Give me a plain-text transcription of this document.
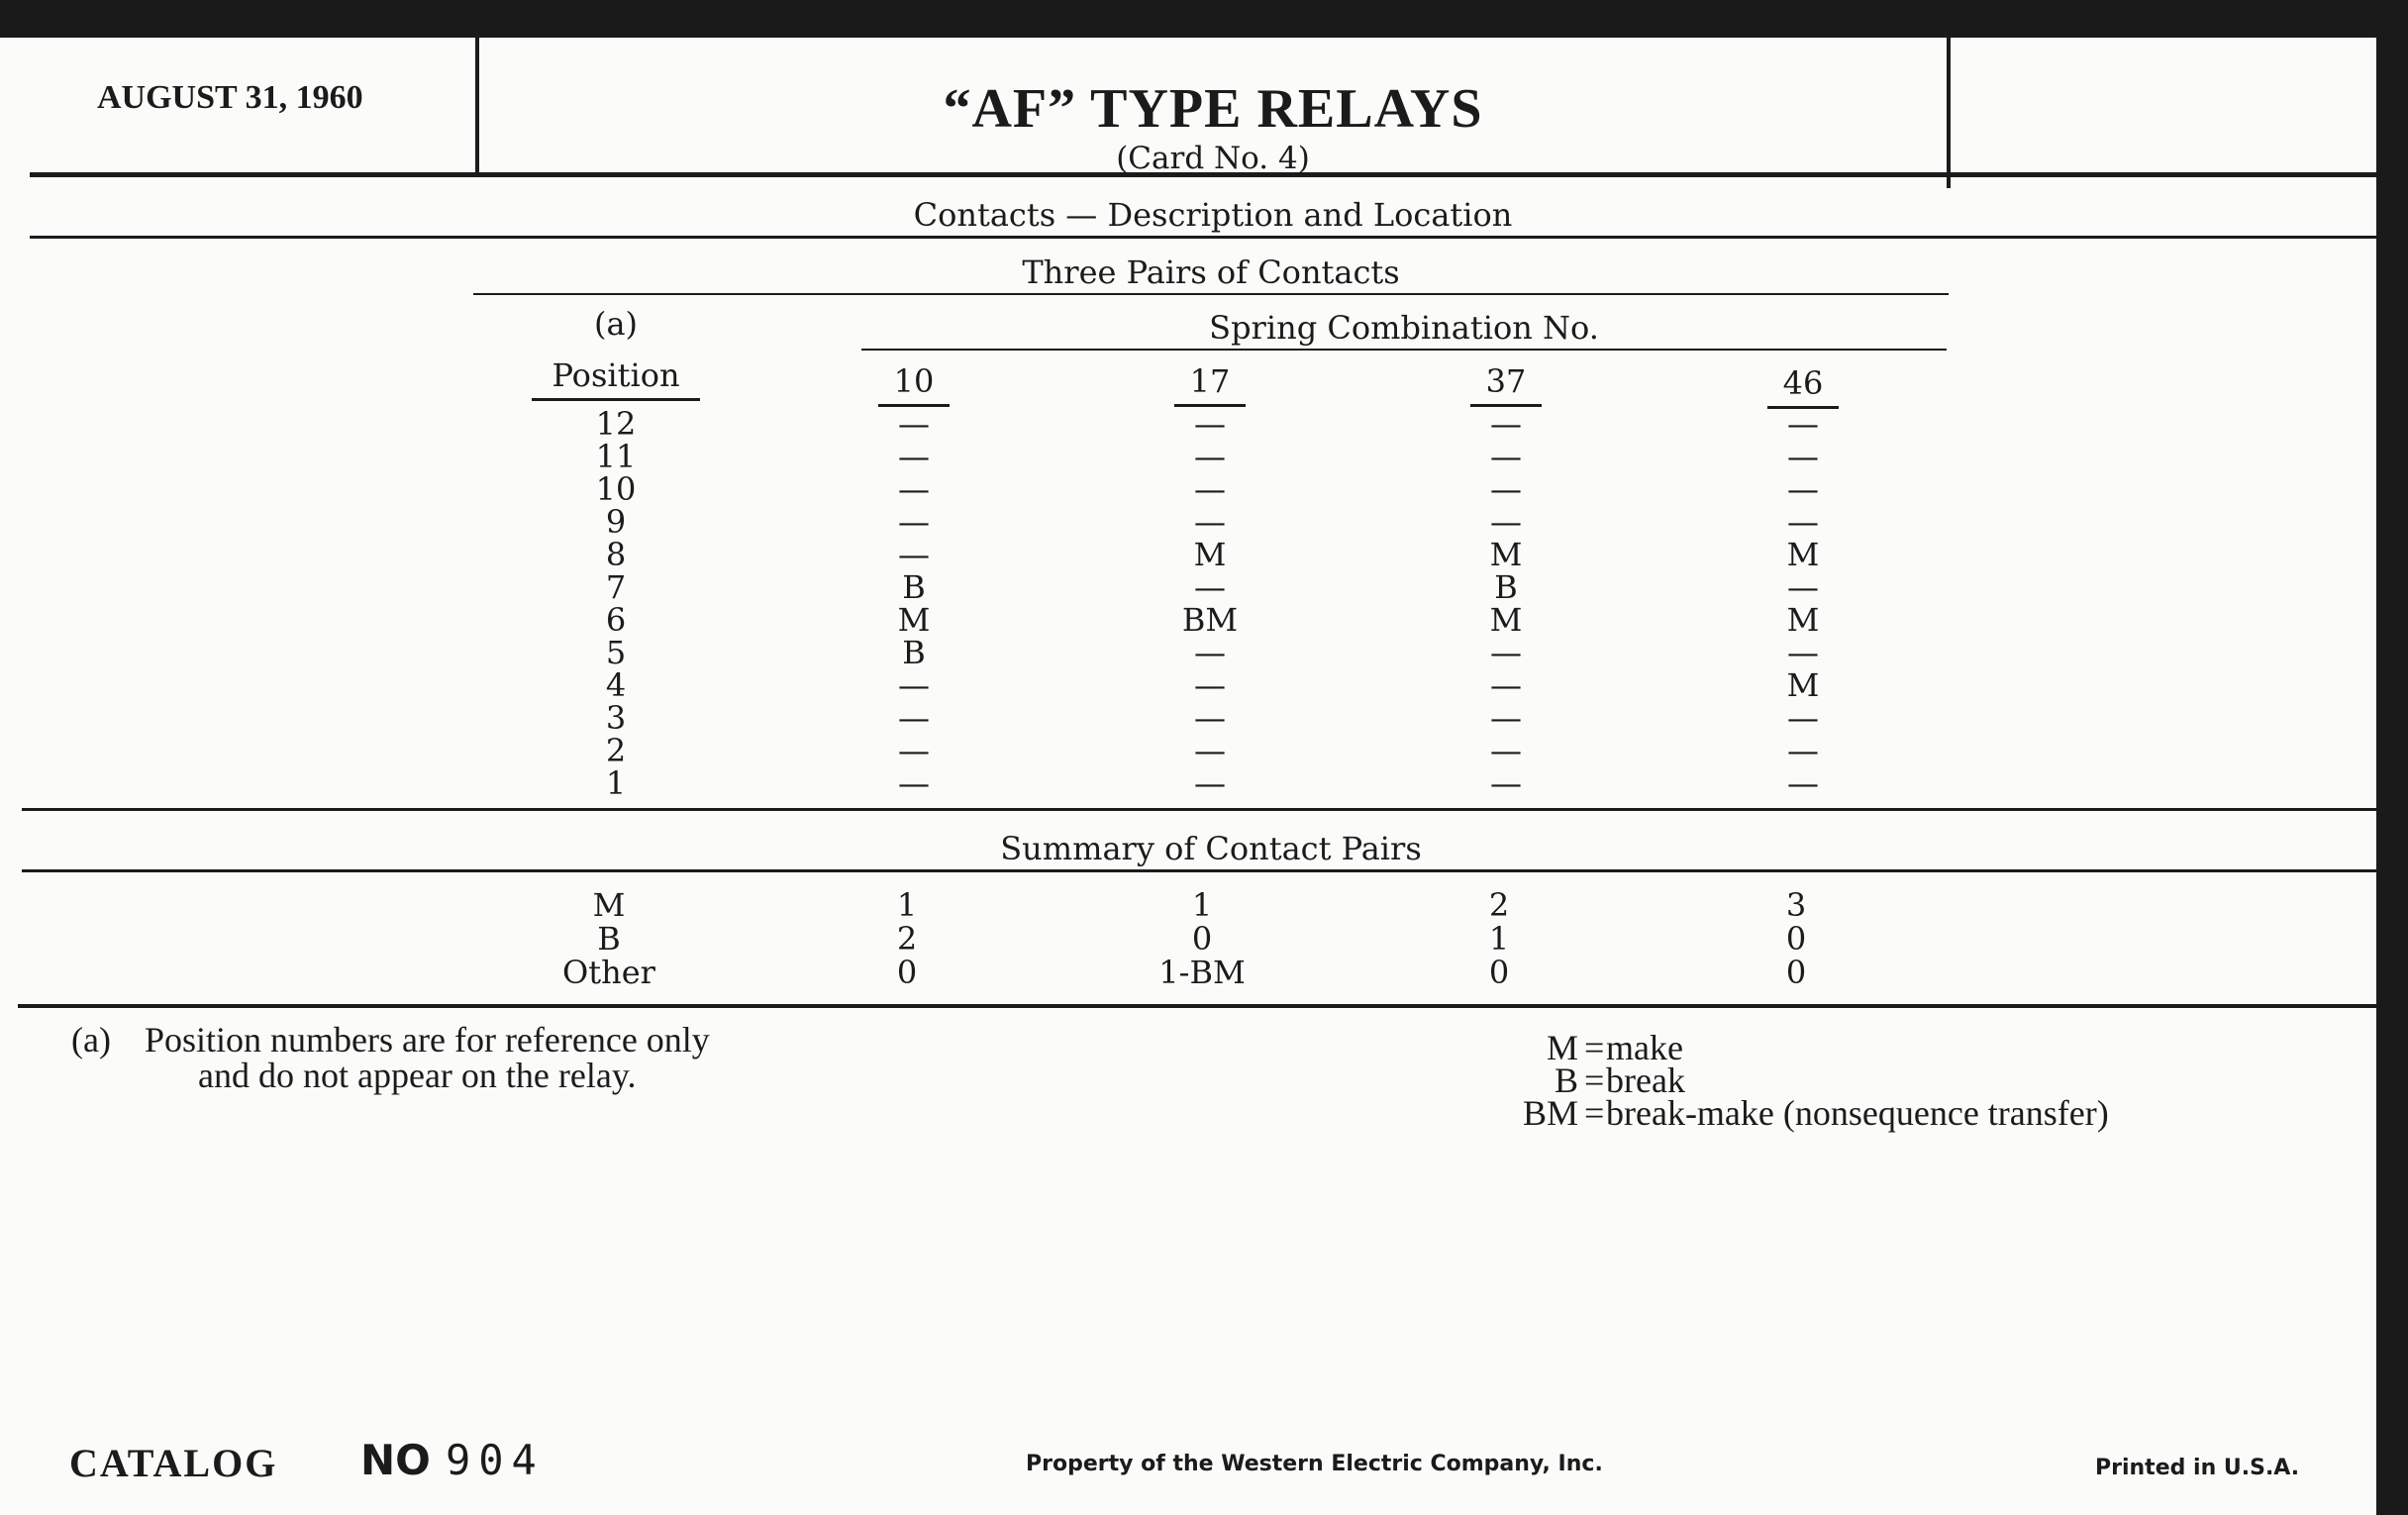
AUGUST 31, 1960	“AF” TYPE RELAYS
(Card No. 4)
Contacts — Description and Location
Three Pairs of Contacts
(a)	Spring Combination No.
Position	10	17	37	46
12	—	—	—	—
11	—	—	—	—
10	—	—	—	—
9	—	—	—	—
8	—	M	M	M
7	B	—	B	—
6	M	BM	M	M
5	B	—	—	—
4	—	—	—	M
3	—	—	—	—
2	—	—	—	—
1	—	—	—	—
Summary of Contact Pairs
M	1	1	2	3
B	2	0	1	0
Other	0	1-BM	0	0
(a) Position numbers are for reference only
and do not appear on the relay.
M = make
B = break
BM = break-make (nonsequence transfer)
CATALOG NO 904	Property of the Western Electric Company, Inc.	Printed in U.S.A.
